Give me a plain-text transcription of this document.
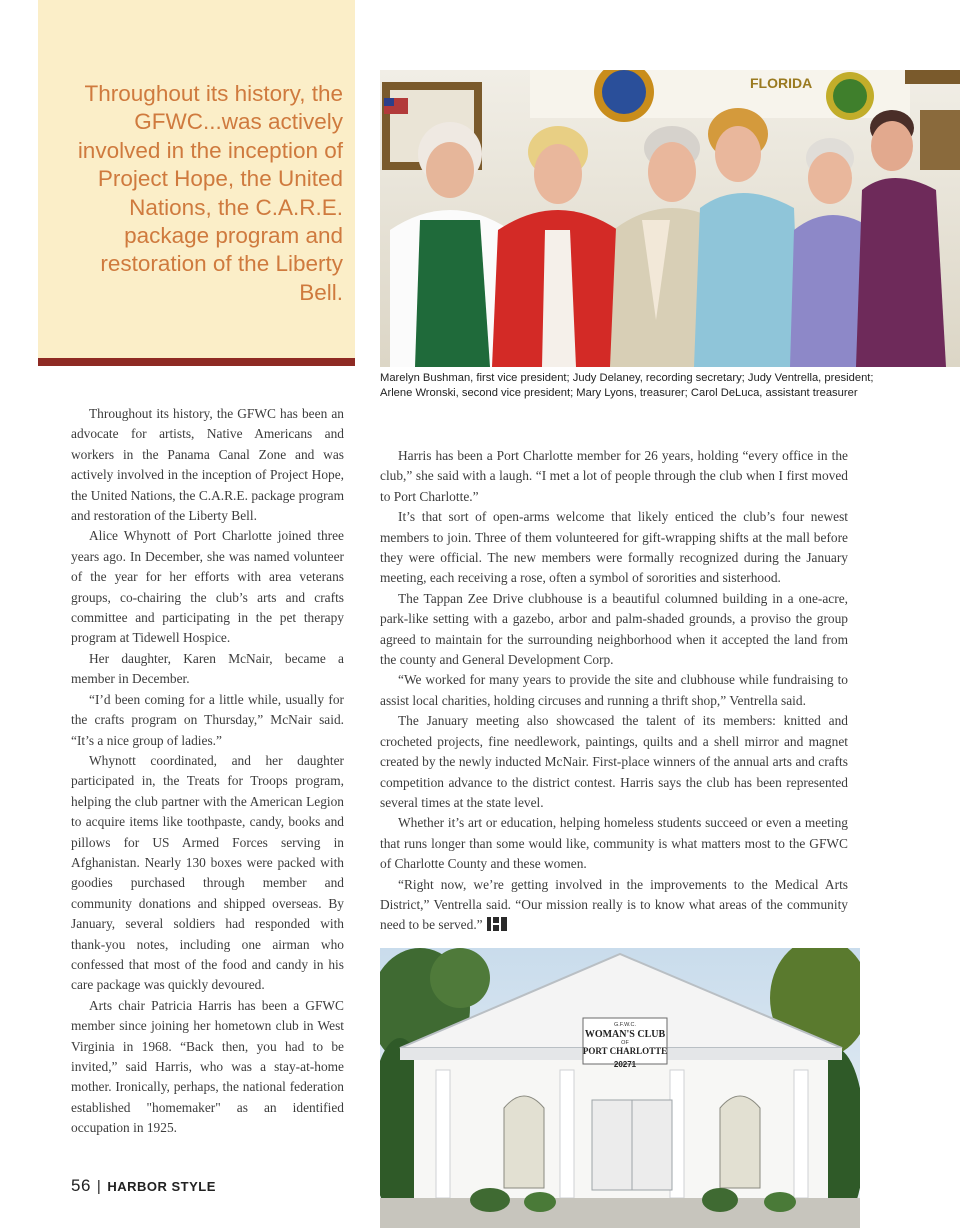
Throughout its history, the GFWC...was actively involved in the inception of Project Hope, the United Nations, the C.A.R.E. package program and restoration of the Liberty Bell.
FLORIDA
Marelyn Bushman, first vice president; Judy Delaney, recording secretary; Judy Ventrella, president; Arlene Wronski, second vice president; Mary Lyons, treasurer; Carol DeLuca, assistant treasurer

Throughout its history, the GFWC has been an advocate for artists, Native Americans and workers in the Panama Canal Zone and was actively involved in the inception of Project Hope, the United Nations, the C.A.R.E. package program and restoration of the Liberty Bell.

Alice Whynott of Port Charlotte joined three years ago. In December, she was named volunteer of the year for her efforts with area veterans groups, co-chairing the club’s arts and crafts committee and participating in the pet therapy program at Tidewell Hospice.

Her daughter, Karen McNair, became a member in December.

“I’d been coming for a little while, usually for the crafts program on Thursday,” McNair said. “It’s a nice group of ladies.”

Whynott coordinated, and her daughter participated in, the Treats for Troops program, helping the club partner with the American Legion to acquire items like toothpaste, candy, books and pillows for US Armed Forces serving in Afghanistan. Nearly 130 boxes were packed with goodies purchased through member and community donations and shipped overseas. By January, several soldiers had responded with thank-you notes, including one airman who confessed that most of the food and candy in his care package was quickly devoured.

Arts chair Patricia Harris has been a GFWC member since joining her hometown club in West Virginia in 1968. “Back then, you had to be invited,” said Harris, who was a stay-at-home mother. Ironically, perhaps, the national federation established "homemaker" as an identified occupation in 1925.

Harris has been a Port Charlotte member for 26 years, holding “every office in the club,” she said with a laugh. “I met a lot of people through the club when I first moved to Port Charlotte.”

It’s that sort of open-arms welcome that likely enticed the club’s four newest members to join. Three of them volunteered for gift-wrapping shifts at the mall before they were official. The new members were formally recognized during the January meeting, each receiving a rose, often a symbol of sororities and sisterhood.

The Tappan Zee Drive clubhouse is a beautiful columned building in a one-acre, park-like setting with a gazebo, arbor and palm-shaded grounds, a proviso the group agreed to maintain for the surrounding neighborhood when it accepted the land from the county and General Development Corp.

“We worked for many years to provide the site and clubhouse while fundraising to assist local charities, holding circuses and running a thrift shop,” Ventrella said.

The January meeting also showcased the talent of its members: knitted and crocheted projects, fine needlework, paintings, quilts and a shell mirror and magnet created by the newly inducted McNair. First-place winners of the annual arts and crafts competition advance to the district contest. Harris says the club has been represented several times at the state level.

Whether it’s art or education, helping homeless students succeed or even a meeting that runs longer than some would like, community is what matters most to the GFWC of Charlotte County and these women.

“Right now, we’re getting involved in the improvements to the Medical Arts District,” Ventrella said. “Our mission really is to know what areas of the community need to be served.”

G.F.W.C.
WOMAN'S CLUB
OF
PORT CHARLOTTE
20271
56 | HARBOR STYLE
